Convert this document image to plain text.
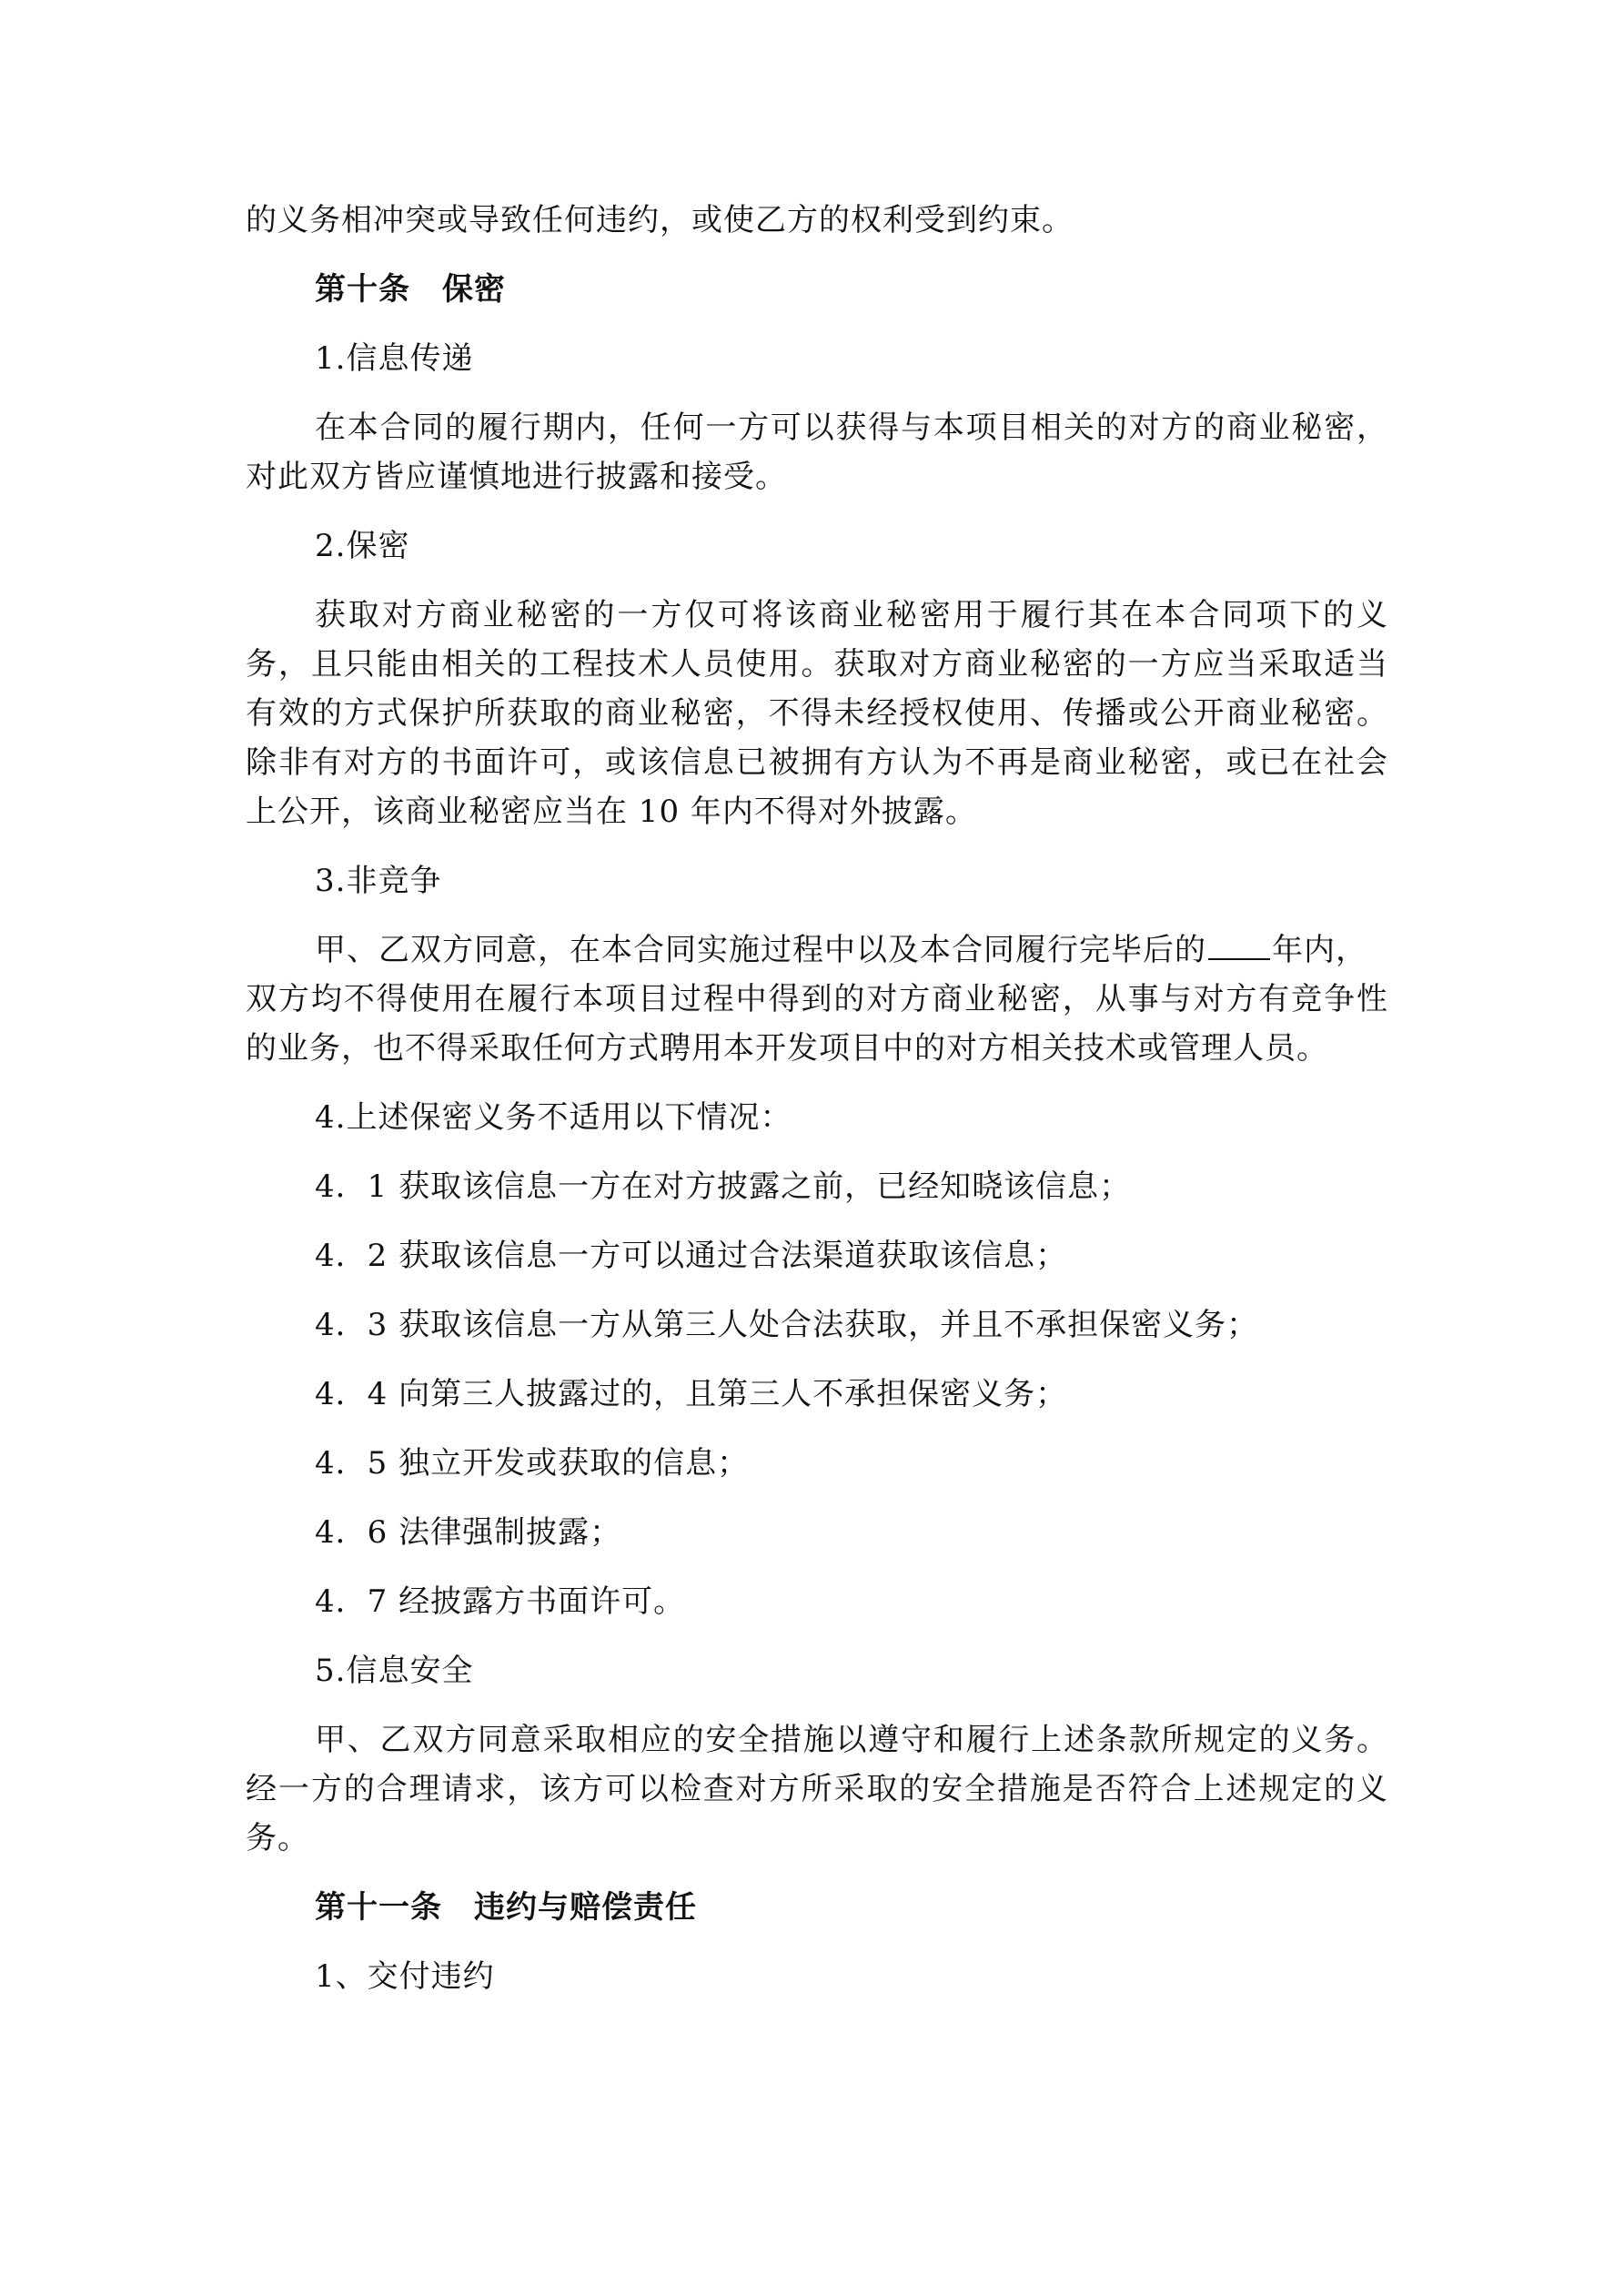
的义务相冲突或导致任何违约，或使乙方的权利受到约束。

第十条　保密

1.信息传递

在本合同的履行期内，任何一方可以获得与本项目相关的对方的商业秘密，

对此双方皆应谨慎地进行披露和接受。

2.保密

获取对方商业秘密的一方仅可将该商业秘密用于履行其在本合同项下的义

务，且只能由相关的工程技术人员使用。获取对方商业秘密的一方应当采取适当

有效的方式保护所获取的商业秘密，不得未经授权使用、传播或公开商业秘密。

除非有对方的书面许可，或该信息已被拥有方认为不再是商业秘密，或已在社会

上公开，该商业秘密应当在 10 年内不得对外披露。

3.非竞争

甲、乙双方同意，在本合同实施过程中以及本合同履行完毕后的 年内，

双方均不得使用在履行本项目过程中得到的对方商业秘密，从事与对方有竞争性

的业务，也不得采取任何方式聘用本开发项目中的对方相关技术或管理人员。

4.上述保密义务不适用以下情况：

4．1 获取该信息一方在对方披露之前，已经知晓该信息；

4．2 获取该信息一方可以通过合法渠道获取该信息；

4．3 获取该信息一方从第三人处合法获取，并且不承担保密义务；

4．4 向第三人披露过的，且第三人不承担保密义务；

4．5 独立开发或获取的信息；

4．6 法律强制披露；

4．7 经披露方书面许可。

5.信息安全

甲、乙双方同意采取相应的安全措施以遵守和履行上述条款所规定的义务。

经一方的合理请求，该方可以检查对方所采取的安全措施是否符合上述规定的义

务。

第十一条　违约与赔偿责任

1、交付违约
